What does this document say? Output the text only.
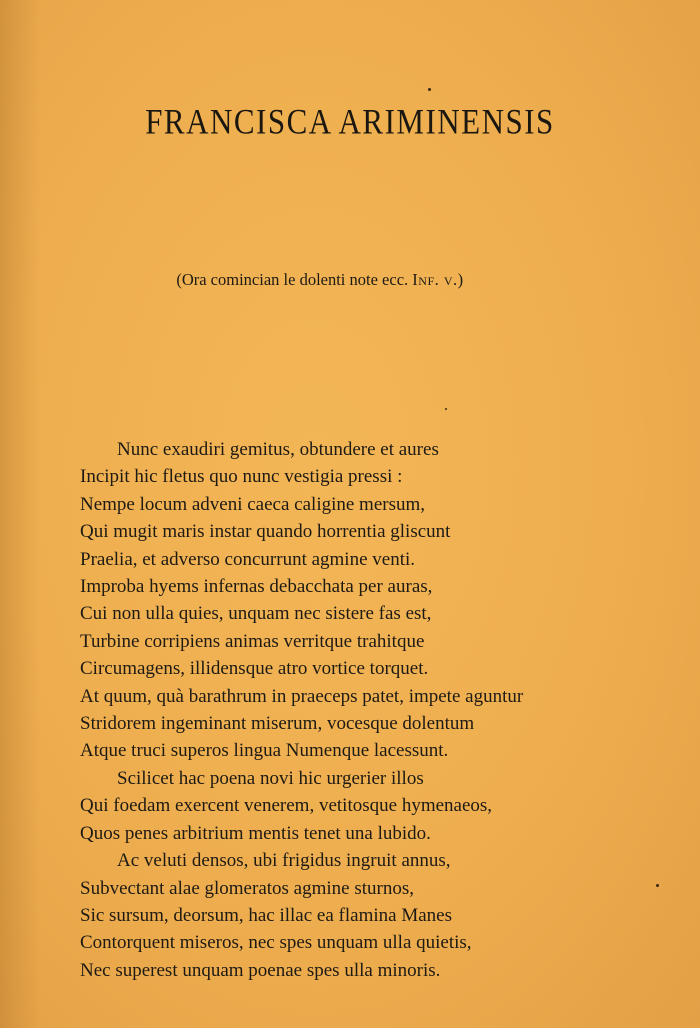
FRANCISCA ARIMINENSIS
(Ora comincian le dolenti note ecc. Inf. v.)
Nunc exaudiri gemitus, obtundere et aures
Incipit hic fletus quo nunc vestigia pressi :
Nempe locum adveni caeca caligine mersum,
Qui mugit maris instar quando horrentia gliscunt
Praelia, et adverso concurrunt agmine venti.
Improba hyems infernas debacchata per auras,
Cui non ulla quies, unquam nec sistere fas est,
Turbine corripiens animas verritque trahitque
Circumagens, illidensque atro vortice torquet.
At quum, quà barathrum in praeceps patet, impete aguntur
Stridorem ingeminant miserum, vocesque dolentum
Atque truci superos lingua Numenque lacessunt.
Scilicet hac poena novi hic urgerier illos
Qui foedam exercent venerem, vetitosque hymenaeos,
Quos penes arbitrium mentis tenet una lubido.
Ac veluti densos, ubi frigidus ingruit annus,
Subvectant alae glomeratos agmine sturnos,
Sic sursum, deorsum, hac illac ea flamina Manes
Contorquent miseros, nec spes unquam ulla quietis,
Nec superest unquam poenae spes ulla minoris.
